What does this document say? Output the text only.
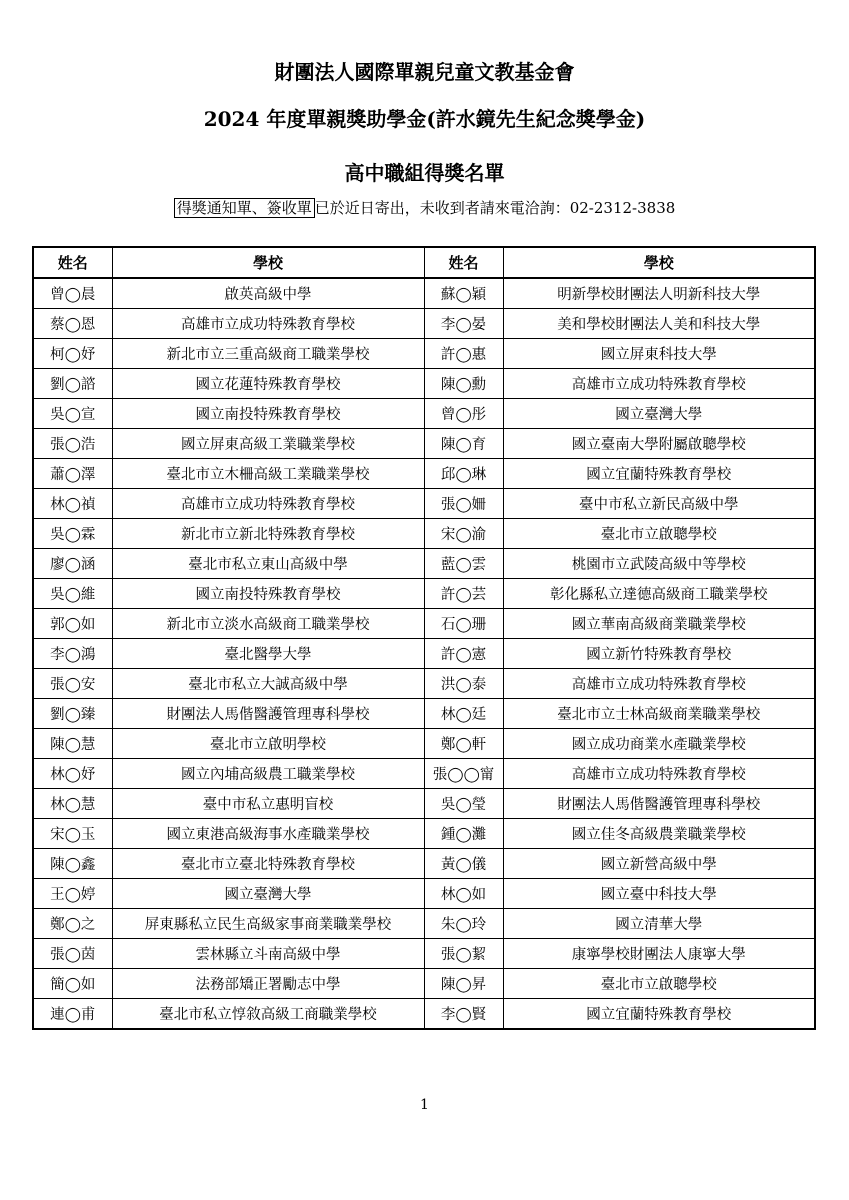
財團法人國際單親兒童文教基金會
2024 年度單親獎助學金(許水鏡先生紀念獎學金)
高中職組得獎名單
得獎通知單、簽收單 已於近日寄出，未收到者請來電洽詢：02-2312-3838
姓名	學校	姓名	學校
曾◯晨	啟英高級中學	蘇◯穎	明新學校財團法人明新科技大學
蔡◯恩	高雄市立成功特殊教育學校	李◯晏	美和學校財團法人美和科技大學
柯◯妤	新北市立三重高級商工職業學校	許◯惠	國立屏東科技大學
劉◯諮	國立花蓮特殊教育學校	陳◯勳	高雄市立成功特殊教育學校
吳◯宣	國立南投特殊教育學校	曾◯彤	國立臺灣大學
張◯浩	國立屏東高級工業職業學校	陳◯育	國立臺南大學附屬啟聰學校
蕭◯澤	臺北市立木柵高級工業職業學校	邱◯琳	國立宜蘭特殊教育學校
林◯禎	高雄市立成功特殊教育學校	張◯姍	臺中市私立新民高級中學
吳◯霖	新北市立新北特殊教育學校	宋◯渝	臺北市立啟聰學校
廖◯涵	臺北市私立東山高級中學	藍◯雲	桃園市立武陵高級中等學校
吳◯維	國立南投特殊教育學校	許◯芸	彰化縣私立達德高級商工職業學校
郭◯如	新北市立淡水高級商工職業學校	石◯珊	國立華南高級商業職業學校
李◯鴻	臺北醫學大學	許◯憲	國立新竹特殊教育學校
張◯安	臺北市私立大誠高級中學	洪◯泰	高雄市立成功特殊教育學校
劉◯臻	財團法人馬偕醫護管理專科學校	林◯廷	臺北市立士林高級商業職業學校
陳◯慧	臺北市立啟明學校	鄭◯軒	國立成功商業水產職業學校
林◯妤	國立內埔高級農工職業學校	張◯◯甯	高雄市立成功特殊教育學校
林◯慧	臺中市私立惠明盲校	吳◯瑩	財團法人馬偕醫護管理專科學校
宋◯玉	國立東港高級海事水產職業學校	鍾◯灘	國立佳冬高級農業職業學校
陳◯鑫	臺北市立臺北特殊教育學校	黃◯儀	國立新營高級中學
王◯婷	國立臺灣大學	林◯如	國立臺中科技大學
鄭◯之	屏東縣私立民生高級家事商業職業學校	朱◯玲	國立清華大學
張◯茵	雲林縣立斗南高級中學	張◯絜	康寧學校財團法人康寧大學
簡◯如	法務部矯正署勵志中學	陳◯昇	臺北市立啟聰學校
連◯甫	臺北市私立惇敘高級工商職業學校	李◯賢	國立宜蘭特殊教育學校
1
